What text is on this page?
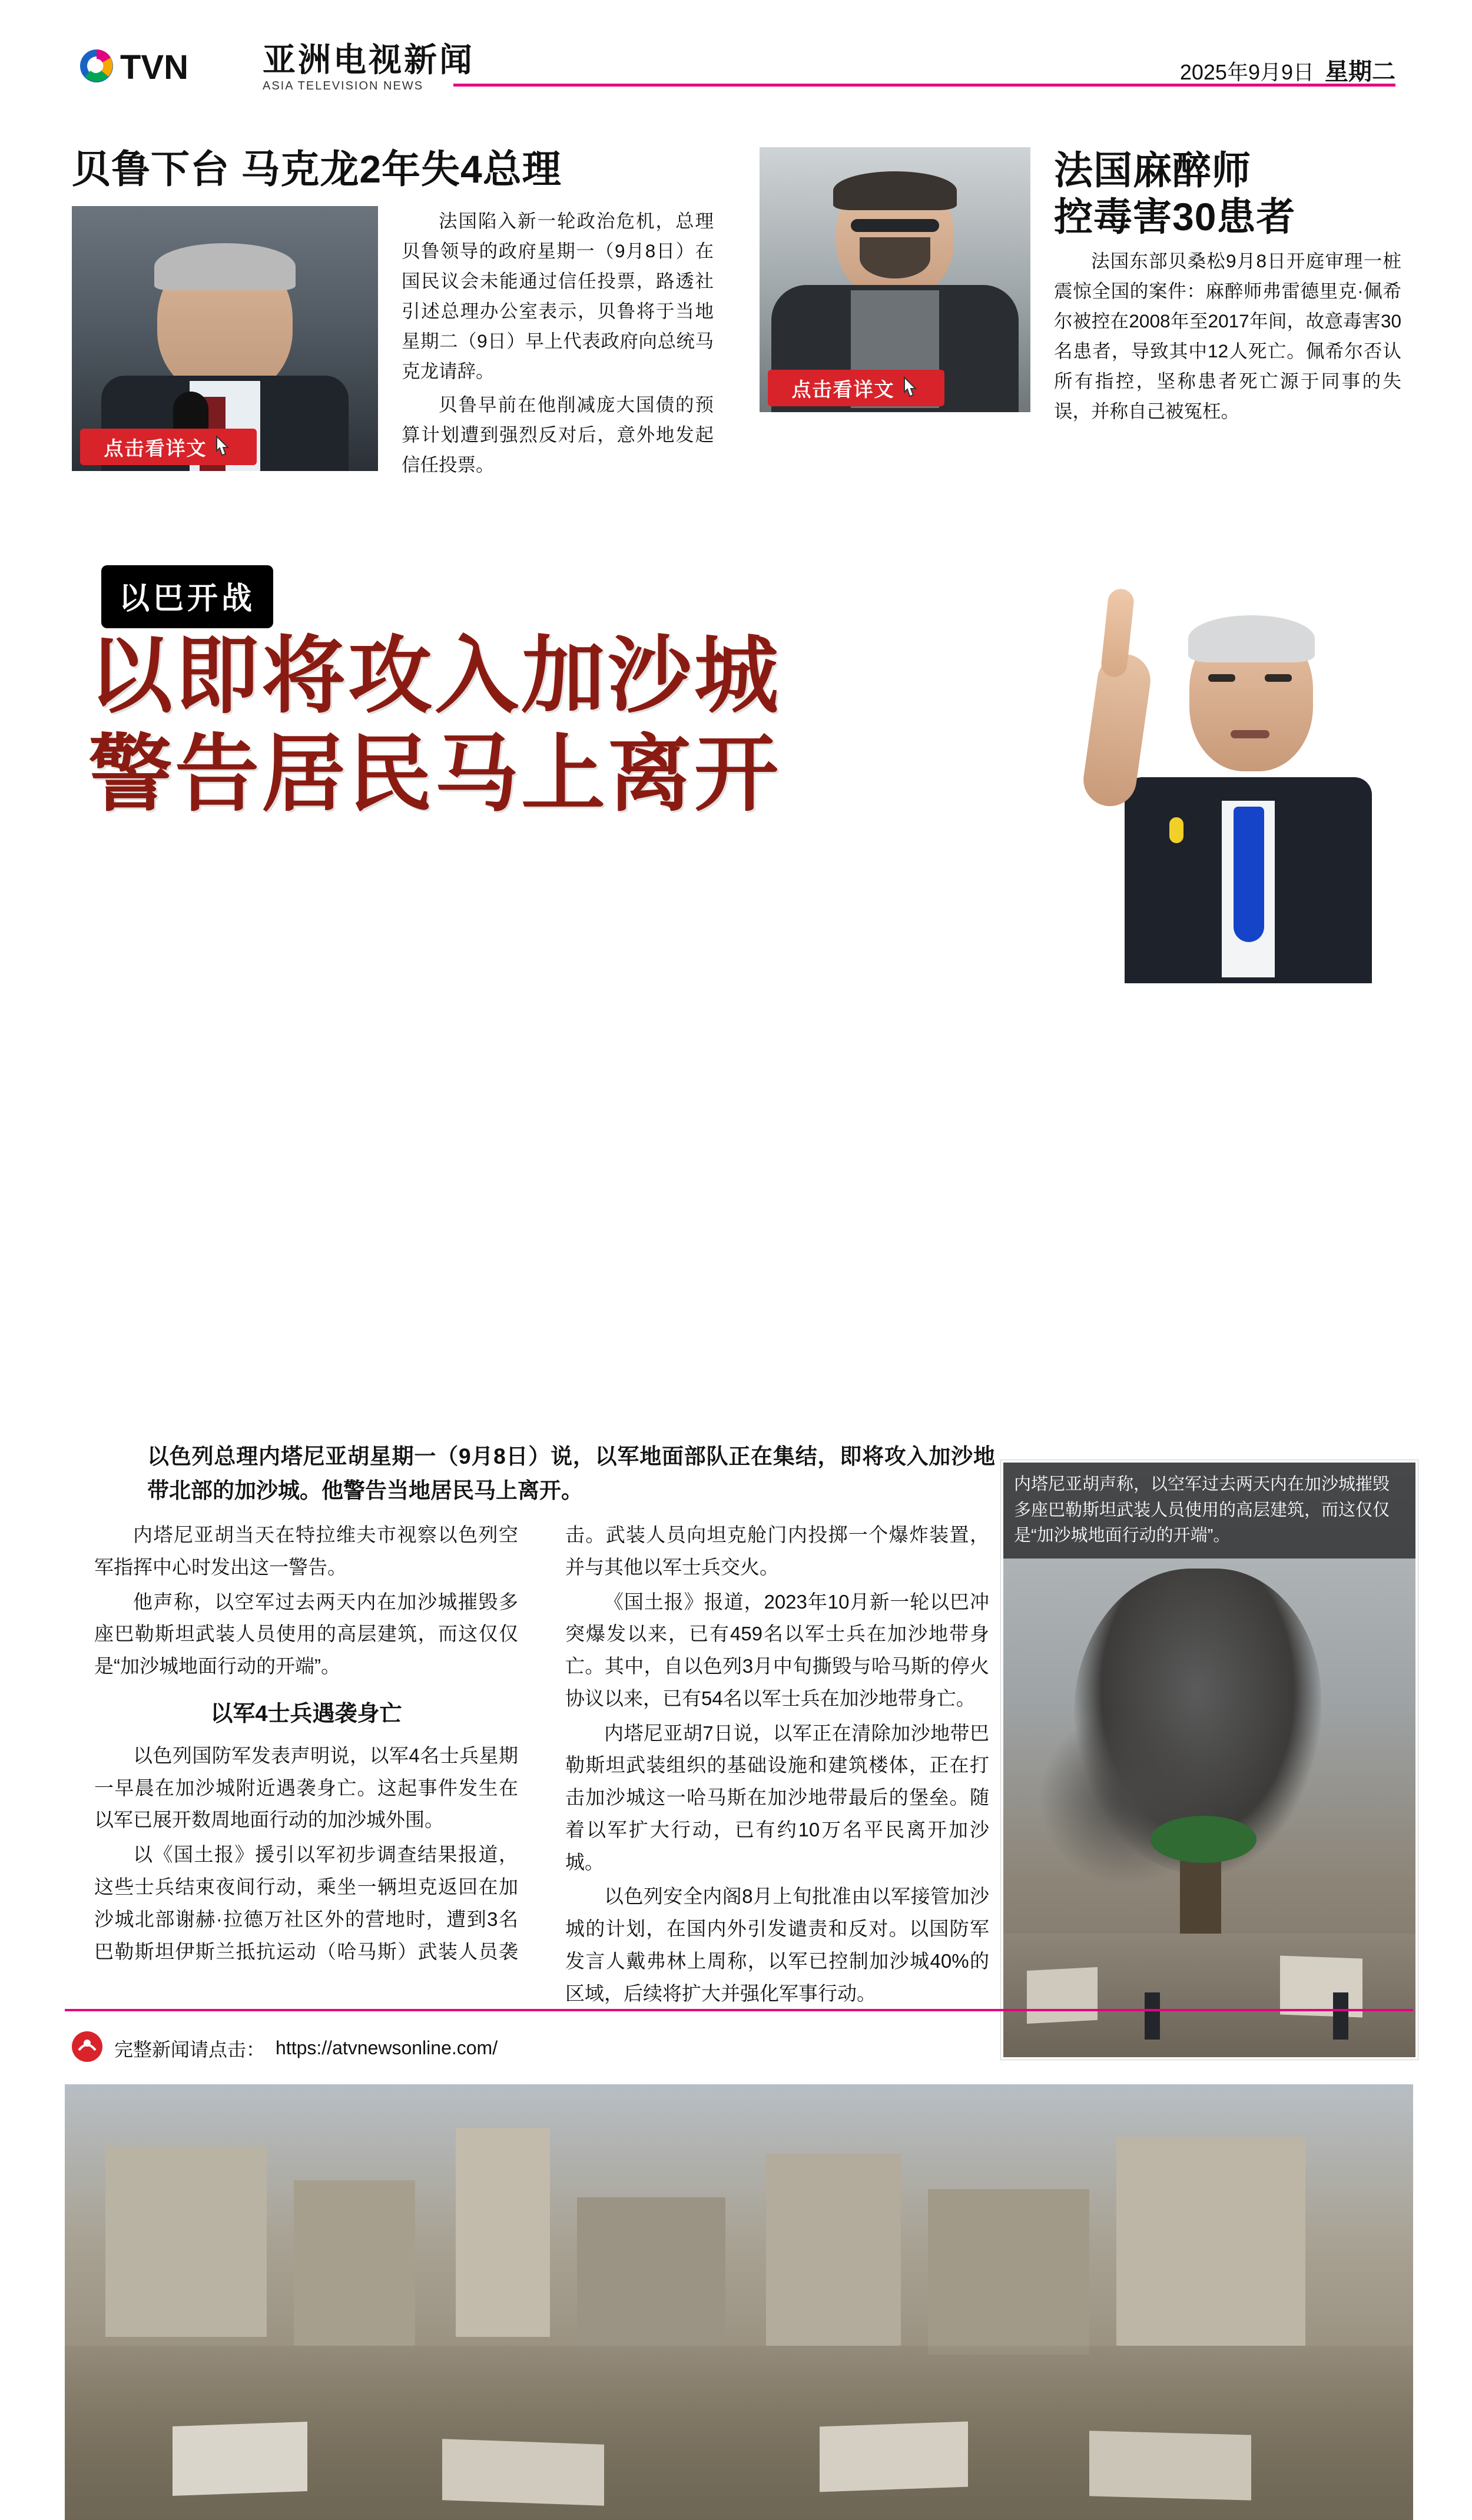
TVN 亚洲电视新闻
ASIA TELEVISION NEWS
2025年9月9日 星期二
贝鲁下台 马克龙2年失4总理
点击看详文

法国陷入新一轮政治危机，总理贝鲁领导的政府星期一（9月8日）在国民议会未能通过信任投票，路透社引述总理办公室表示，贝鲁将于当地星期二（9日）早上代表政府向总统马克龙请辞。

贝鲁早前在他削减庞大国债的预算计划遭到强烈反对后，意外地发起信任投票。

点击看详文
法国麻醉师
控毒害30患者

法国东部贝桑松9月8日开庭审理一桩震惊全国的案件：麻醉师弗雷德里克·佩希尔被控在2008年至2017年间，故意毒害30名患者，导致其中12人死亡。佩希尔否认所有指控，坚称患者死亡源于同事的失误，并称自己被冤枉。

以巴开战
以即将攻入加沙城
警告居民马上离开
以色列总理内塔尼亚胡星期一（9月8日）说，以军地面部队正在集结，即将攻入加沙地带北部的加沙城。他警告当地居民马上离开。

内塔尼亚胡当天在特拉维夫市视察以色列空军指挥中心时发出这一警告。

他声称，以空军过去两天内在加沙城摧毁多座巴勒斯坦武装人员使用的高层建筑，而这仅仅是“加沙城地面行动的开端”。

以军4士兵遇袭身亡

以色列国防军发表声明说，以军4名士兵星期一早晨在加沙城附近遇袭身亡。这起事件发生在以军已展开数周地面行动的加沙城外围。

以《国土报》援引以军初步调查结果报道，这些士兵结束夜间行动，乘坐一辆坦克返回在加沙城北部谢赫·拉德万社区外的营地时，遭到3名巴勒斯坦伊斯兰抵抗运动（哈马斯）武装人员袭击。武装人员向坦克舱门内投掷一个爆炸装置，并与其他以军士兵交火。

《国土报》报道，2023年10月新一轮以巴冲突爆发以来，已有459名以军士兵在加沙地带身亡。其中，自以色列3月中旬撕毁与哈马斯的停火协议以来，已有54名以军士兵在加沙地带身亡。

内塔尼亚胡7日说，以军正在清除加沙地带巴勒斯坦武装组织的基础设施和建筑楼体，正在打击加沙城这一哈马斯在加沙地带最后的堡垒。随着以军扩大行动，已有约10万名平民离开加沙城。

以色列安全内阁8月上旬批准由以军接管加沙城的计划，在国内外引发谴责和反对。以国防军发言人戴弗林上周称，以军已控制加沙城40%的区域，后续将扩大并强化军事行动。

内塔尼亚胡声称，以空军过去两天内在加沙城摧毁多座巴勒斯坦武装人员使用的高层建筑，而这仅仅是“加沙城地面行动的开端”。
完整新闻请点击： https://atvnewsonline.com/
